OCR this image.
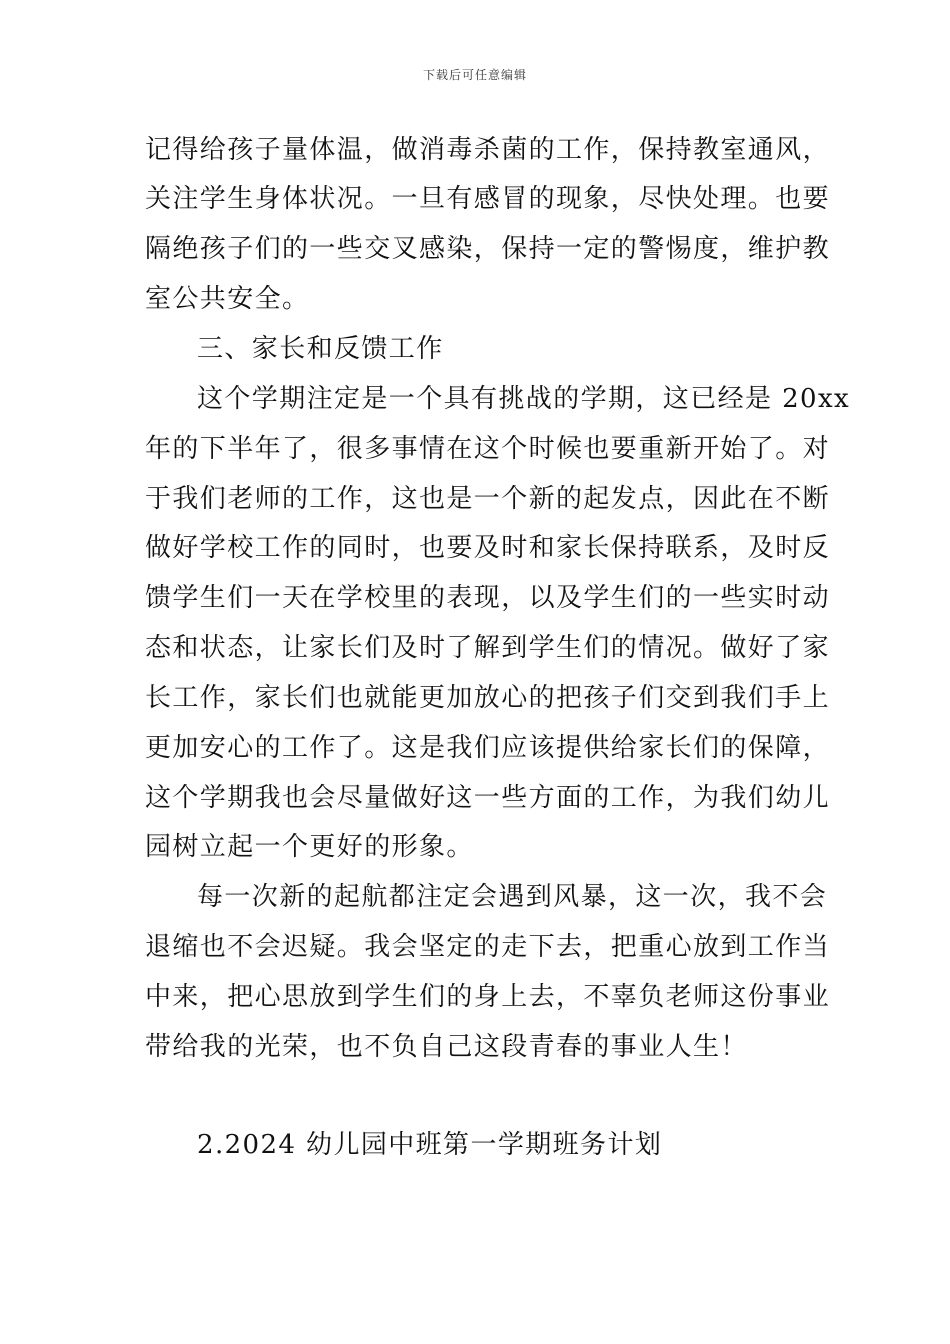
下载后可任意编辑
记得给孩子量体温，做消毒杀菌的工作，保持教室通风，
关注学生身体状况。一旦有感冒的现象，尽快处理。也要
隔绝孩子们的一些交叉感染，保持一定的警惕度，维护教
室公共安全。
三、家长和反馈工作
这个学期注定是一个具有挑战的学期，这已经是 20xx
年的下半年了，很多事情在这个时候也要重新开始了。对
于我们老师的工作，这也是一个新的起发点，因此在不断
做好学校工作的同时，也要及时和家长保持联系，及时反
馈学生们一天在学校里的表现，以及学生们的一些实时动
态和状态，让家长们及时了解到学生们的情况。做好了家
长工作，家长们也就能更加放心的把孩子们交到我们手上
更加安心的工作了。这是我们应该提供给家长们的保障，
这个学期我也会尽量做好这一些方面的工作，为我们幼儿
园树立起一个更好的形象。
每一次新的起航都注定会遇到风暴，这一次，我不会
退缩也不会迟疑。我会坚定的走下去，把重心放到工作当
中来，把心思放到学生们的身上去，不辜负老师这份事业
带给我的光荣，也不负自己这段青春的事业人生！
2.2024 幼儿园中班第一学期班务计划
